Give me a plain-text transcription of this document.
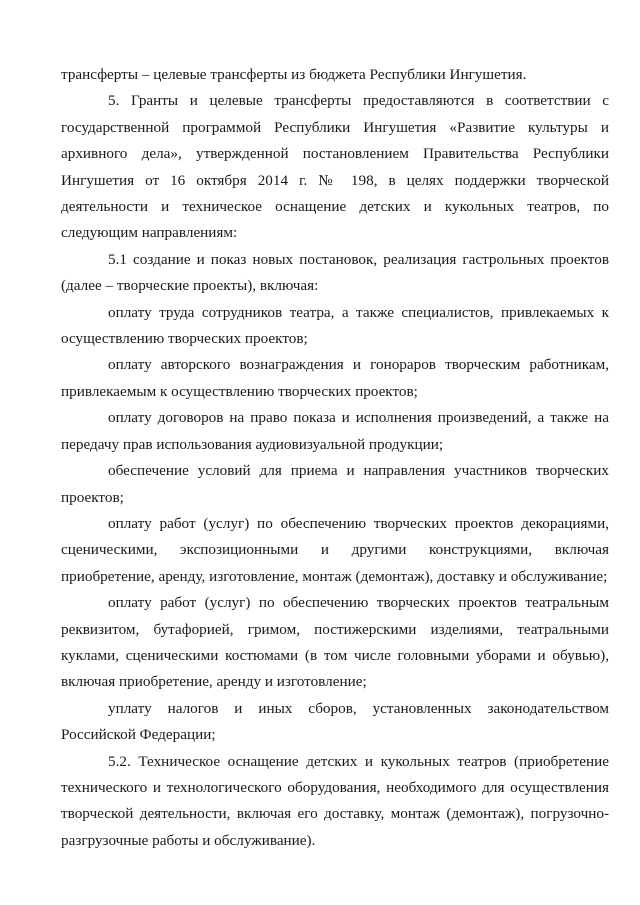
трансферты – целевые трансферты из бюджета Республики Ингушетия.

5. Гранты и целевые трансферты предоставляются в соответствии с государственной программой Республики Ингушетия «Развитие культуры и архивного дела», утвержденной постановлением Правительства Республики Ингушетия от 16 октября 2014 г. № 198, в целях поддержки творческой деятельности и техническое оснащение детских и кукольных театров, по следующим направлениям:

5.1 создание и показ новых постановок, реализация гастрольных проектов (далее – творческие проекты), включая:

оплату труда сотрудников театра, а также специалистов, привлекаемых к осуществлению творческих проектов;

оплату авторского вознаграждения и гонораров творческим работникам, привлекаемым к осуществлению творческих проектов;

оплату договоров на право показа и исполнения произведений, а также на передачу прав использования аудиовизуальной продукции;

обеспечение условий для приема и направления участников творческих проектов;

оплату работ (услуг) по обеспечению творческих проектов декорациями, сценическими, экспозиционными и другими конструкциями, включая приобретение, аренду, изготовление, монтаж (демонтаж), доставку и обслуживание;

оплату работ (услуг) по обеспечению творческих проектов театральным реквизитом, бутафорией, гримом, постижерскими изделиями, театральными куклами, сценическими костюмами (в том числе головными уборами и обувью), включая приобретение, аренду и изготовление;

уплату налогов и иных сборов, установленных законодательством Российской Федерации;

5.2. Техническое оснащение детских и кукольных театров (приобретение технического и технологического оборудования, необходимого для осуществления творческой деятельности, включая его доставку, монтаж (демонтаж), погрузочно-разгрузочные работы и обслуживание).
